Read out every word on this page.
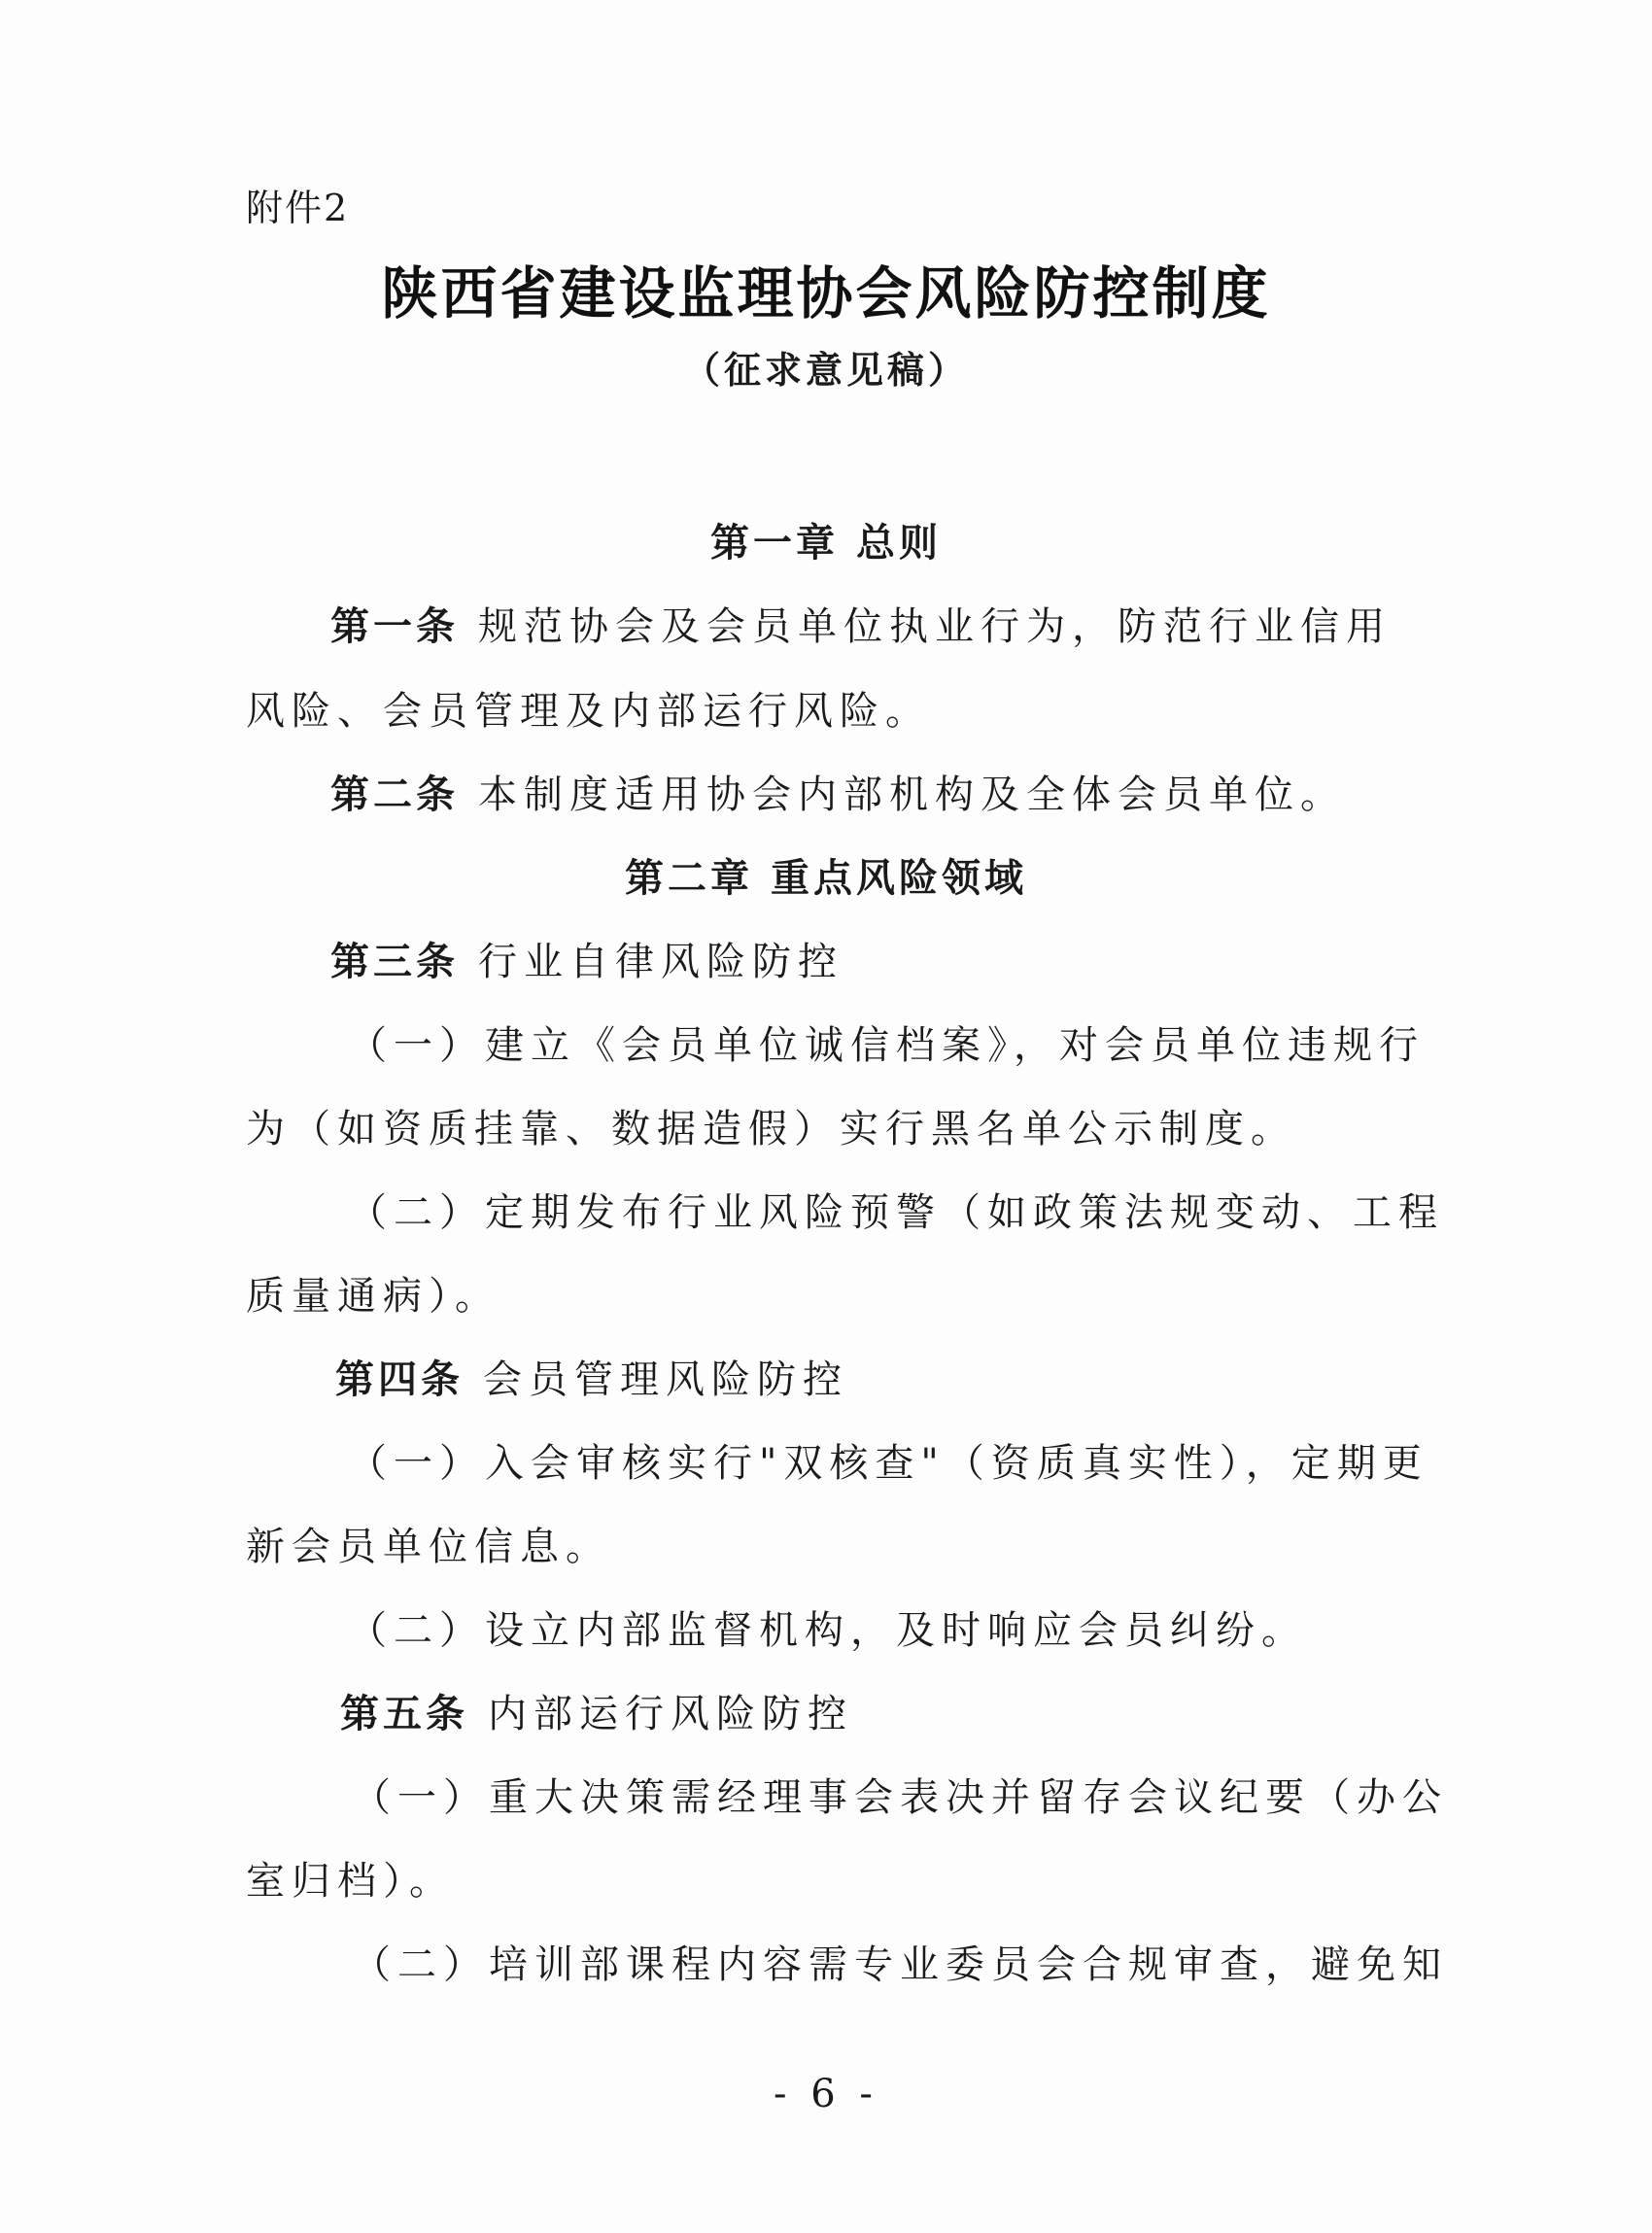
附件2
陕西省建设监理协会风险防控制度
（征求意见稿）
第一章 总则
第一条 规范协会及会员单位执业行为，防范行业信用
风险、会员管理及内部运行风险。
第二条 本制度适用协会内部机构及全体会员单位。
第二章 重点风险领域
第三条 行业自律风险防控
（一）建立《会员单位诚信档案》，对会员单位违规行
为（如资质挂靠、数据造假）实行黑名单公示制度。
（二）定期发布行业风险预警（如政策法规变动、工程
质量通病）。
第四条 会员管理风险防控
（一）入会审核实行"双核查"（资质真实性），定期更
新会员单位信息。
（二）设立内部监督机构，及时响应会员纠纷。
第五条 内部运行风险防控
（一）重大决策需经理事会表决并留存会议纪要（办公
室归档）。
（二）培训部课程内容需专业委员会合规审查，避免知
- 6 -
